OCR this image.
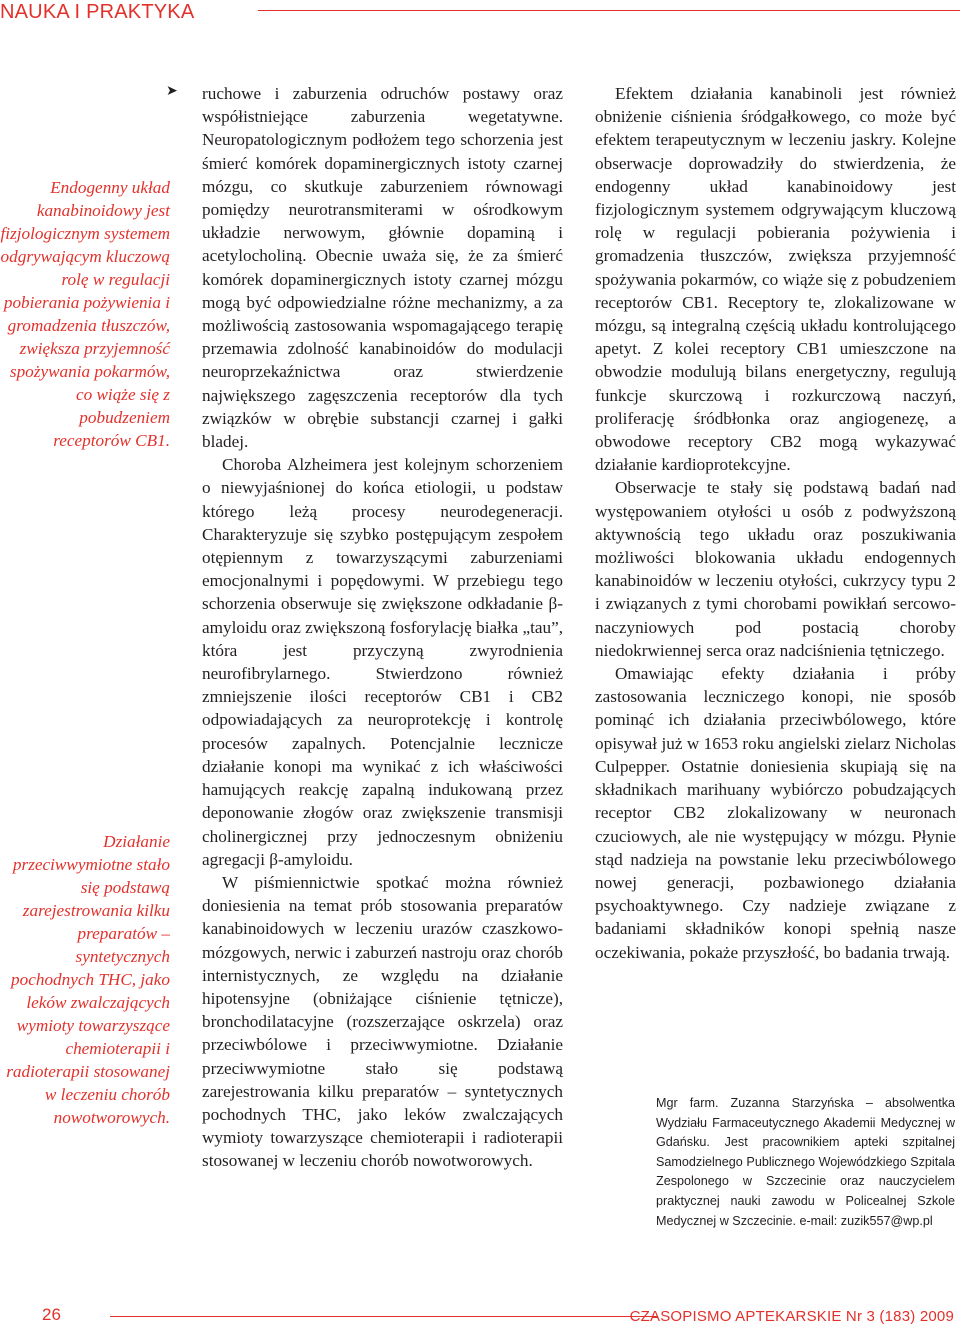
NAUKA I PRAKTYKA
➤

Endogenny układ kanabinoidowy jest fizjologicznym systemem odgrywającym kluczową rolę w regulacji pobierania pożywienia i gromadzenia tłuszczów, zwiększa przyjemność spożywania pokarmów, co wiąże się z pobudzeniem receptorów CB1.

Działanie przeciwwymiotne stało się podstawą zarejestrowania kilku preparatów – syntetycznych pochodnych THC, jako leków zwalczających wymioty towarzyszące chemioterapii i radioterapii stosowanej w leczeniu chorób nowotworowych.

ruchowe i zaburzenia odruchów postawy oraz współistniejące zaburzenia wegetatywne. Neuropatologicznym podłożem tego schorzenia jest śmierć komórek dopaminergicznych istoty czarnej mózgu, co skutkuje zaburzeniem równowagi pomiędzy neurotransmiterami w ośrodkowym układzie nerwowym, głównie dopaminą i acetylocholiną. Obecnie uważa się, że za śmierć komórek dopaminergicznych istoty czarnej mózgu mogą być odpowiedzialne różne mechanizmy, a za możliwością zastosowania wspomagającego terapię przemawia zdolność kanabinoidów do modulacji neuroprzekaźnictwa oraz stwierdzenie największego zagęszczenia receptorów dla tych związków w obrębie substancji czarnej i gałki bladej.

Choroba Alzheimera jest kolejnym schorzeniem o niewyjaśnionej do końca etiologii, u podstaw którego leżą procesy neurodegeneracji. Charakteryzuje się szybko postępującym zespołem otępiennym z towarzyszącymi zaburzeniami emocjonalnymi i popędowymi. W przebiegu tego schorzenia obserwuje się zwiększone odkładanie β-amyloidu oraz zwiększoną fosforylację białka „tau”, która jest przyczyną zwyrodnienia neurofibrylarnego. Stwierdzono również zmniejszenie ilości receptorów CB1 i CB2 odpowiadających za neuroprotekcję i kontrolę procesów zapalnych. Potencjalnie lecznicze działanie konopi ma wynikać z ich właściwości hamujących reakcję zapalną indukowaną przez deponowanie złogów oraz zwiększenie transmisji cholinergicznej przy jednoczesnym obniżeniu agregacji β-amyloidu.

W piśmiennictwie spotkać można również doniesienia na temat prób stosowania preparatów kanabinoidowych w leczeniu urazów czaszkowo-mózgowych, nerwic i zaburzeń nastroju oraz chorób internistycznych, ze względu na działanie hipotensyjne (obniżające ciśnienie tętnicze), bronchodilatacyjne (rozszerzające oskrzela) oraz przeciwbólowe i przeciwwymiotne. Działanie przeciwwymiotne stało się podstawą zarejestrowania kilku preparatów – syntetycznych pochodnych THC, jako leków zwalczających wymioty towarzyszące chemioterapii i radioterapii stosowanej w leczeniu chorób nowotworowych.

Efektem działania kanabinoli jest również obniżenie ciśnienia śródgałkowego, co może być efektem terapeutycznym w leczeniu jaskry. Kolejne obserwacje doprowadziły do stwierdzenia, że endogenny układ kanabinoidowy jest fizjologicznym systemem odgrywającym kluczową rolę w regulacji pobierania pożywienia i gromadzenia tłuszczów, zwiększa przyjemność spożywania pokarmów, co wiąże się z pobudzeniem receptorów CB1. Receptory te, zlokalizowane w mózgu, są integralną częścią układu kontrolującego apetyt. Z kolei receptory CB1 umieszczone na obwodzie modulują bilans energetyczny, regulują funkcje skurczową i rozkurczową naczyń, proliferację śródbłonka oraz angiogenezę, a obwodowe receptory CB2 mogą wykazywać działanie kardioprotekcyjne.

Obserwacje te stały się podstawą badań nad występowaniem otyłości u osób z podwyższoną aktywnością tego układu oraz poszukiwania możliwości blokowania układu endogennych kanabinoidów w leczeniu otyłości, cukrzycy typu 2 i związanych z tymi chorobami powikłań sercowo-naczyniowych pod postacią choroby niedokrwiennej serca oraz nadciśnienia tętniczego.

Omawiając efekty działania i próby zastosowania leczniczego konopi, nie sposób pominąć ich działania przeciwbólowego, które opisywał już w 1653 roku angielski zielarz Nicholas Culpepper. Ostatnie doniesienia skupiają się na składnikach marihuany wybiórczo pobudzających receptor CB2 zlokalizowany w neuronach czuciowych, ale nie występujący w mózgu. Płynie stąd nadzieja na powstanie leku przeciwbólowego nowej generacji, pozbawionego działania psychoaktywnego. Czy nadzieje związane z badaniami składników konopi spełnią nasze oczekiwania, pokaże przyszłość, bo badania trwają.

Mgr farm. Zuzanna Starzyńska – absolwentka Wydziału Farmaceutycznego Akademii Medycznej w Gdańsku. Jest pracownikiem apteki szpitalnej Samodzielnego Publicznego Wojewódzkiego Szpitala Zespolonego w Szczecinie oraz nauczycielem praktycznej nauki zawodu w Policealnej Szkole Medycznej w Szczecinie. e-mail: zuzik557@wp.pl

26	CZASOPISMO APTEKARSKIE Nr 3 (183) 2009
